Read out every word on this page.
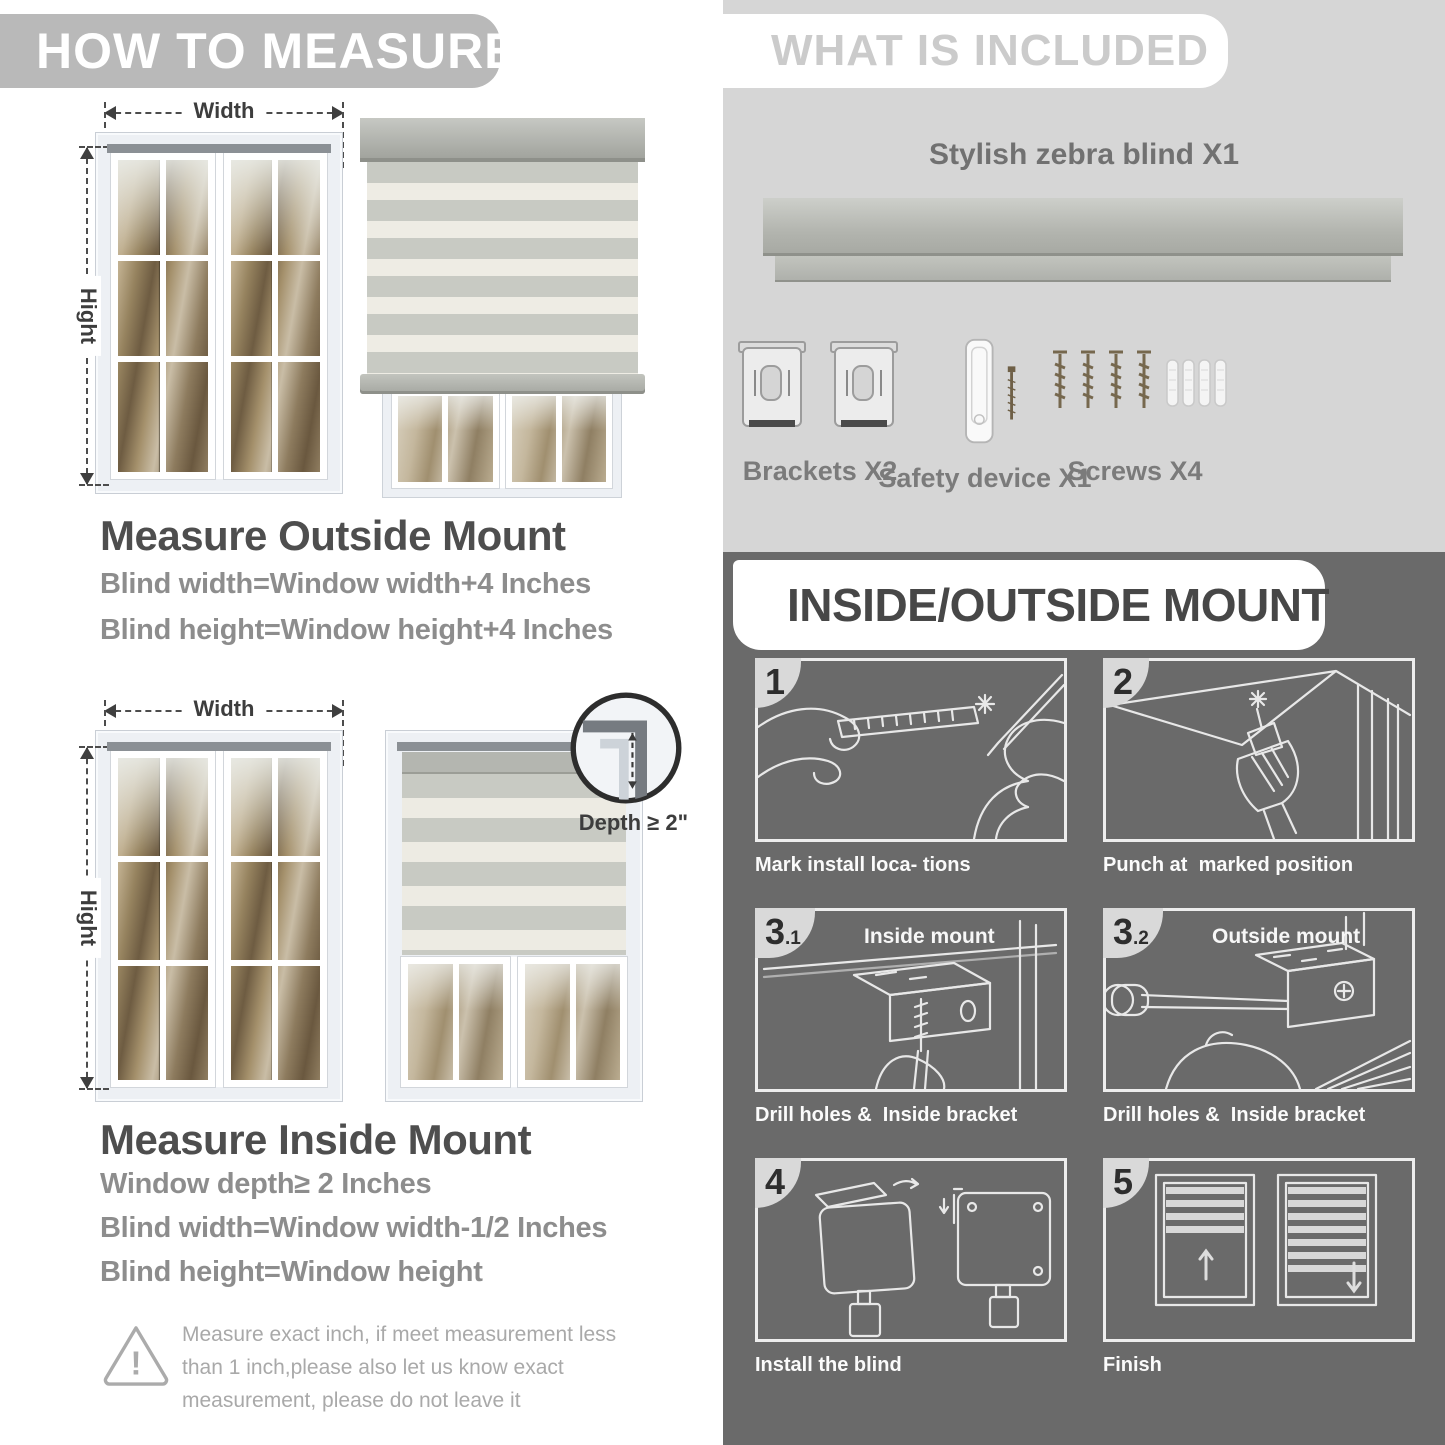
HOW TO MEASURE
Width
Hight
Measure Outside Mount

Blind width=Window width+4 Inches

Blind height=Window height+4 Inches

Width
Hight
Depth ≥ 2"
Measure Inside Mount

Window depth≥ 2 Inches

Blind width=Window width-1/2 Inches

Blind height=Window height

!
Measure exact inch, if meet measurement less than 1 inch,please also let us know exact measurement, please do not leave it
WHAT IS INCLUDED
Stylish zebra blind X1
Brackets X2
Safety device X1
Screws X4
INSIDE/OUTSIDE MOUNT
1
Mark install loca- tions
2
Punch at  marked position
3.1	Inside mount
Drill holes &  Inside bracket
3.2	Outside mount
Drill holes &  Inside bracket
4
Install the blind
5
Finish
